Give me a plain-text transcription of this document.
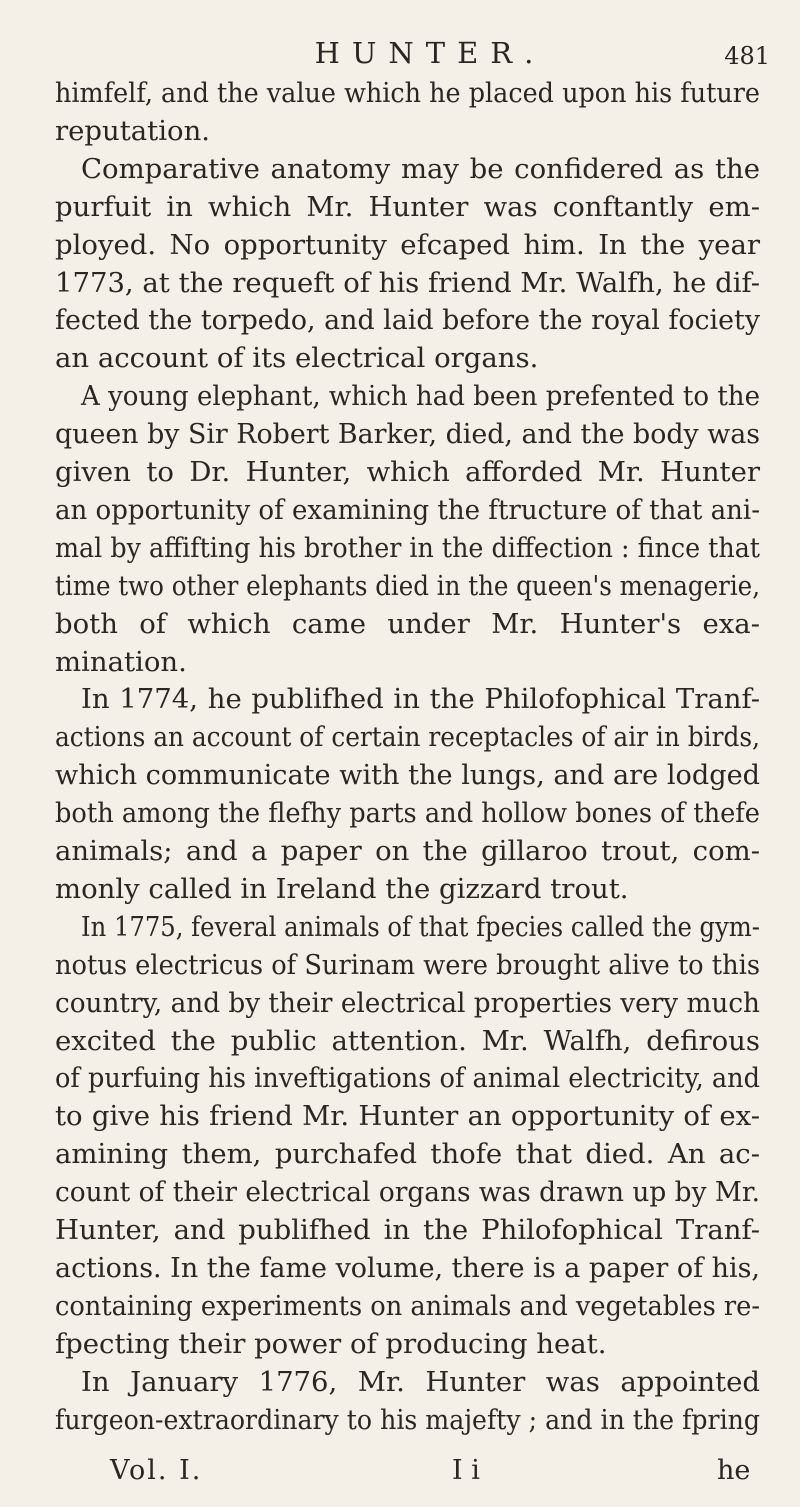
HUNTER.	481
himfelf, and the value which he placed upon his future
reputation.
Comparative anatomy may be confidered as the
purfuit in which Mr. Hunter was conftantly em-
ployed. No opportunity efcaped him. In the year
1773, at the requeft of his friend Mr. Walfh, he dif-
fected the torpedo, and laid before the royal fociety
an account of its electrical organs.
A young elephant, which had been prefented to the
queen by Sir Robert Barker, died, and the body was
given to Dr. Hunter, which afforded Mr. Hunter
an opportunity of examining the ftructure of that ani-
mal by affifting his brother in the diffection : fince that
time two other elephants died in the queen's menagerie,
both of which came under Mr. Hunter's exa-
mination.
In 1774, he publifhed in the Philofophical Tranf-
actions an account of certain receptacles of air in birds,
which communicate with the lungs, and are lodged
both among the flefhy parts and hollow bones of thefe
animals; and a paper on the gillaroo trout, com-
monly called in Ireland the gizzard trout.
In 1775, feveral animals of that fpecies called the gym-
notus electricus of Surinam were brought alive to this
country, and by their electrical properties very much
excited the public attention. Mr. Walfh, defirous
of purfuing his inveftigations of animal electricity, and
to give his friend Mr. Hunter an opportunity of ex-
amining them, purchafed thofe that died. An ac-
count of their electrical organs was drawn up by Mr.
Hunter, and publifhed in the Philofophical Tranf-
actions. In the fame volume, there is a paper of his,
containing experiments on animals and vegetables re-
fpecting their power of producing heat.
In January 1776, Mr. Hunter was appointed
furgeon-extraordinary to his majefty ; and in the fpring
Vol. I.	I i	he
